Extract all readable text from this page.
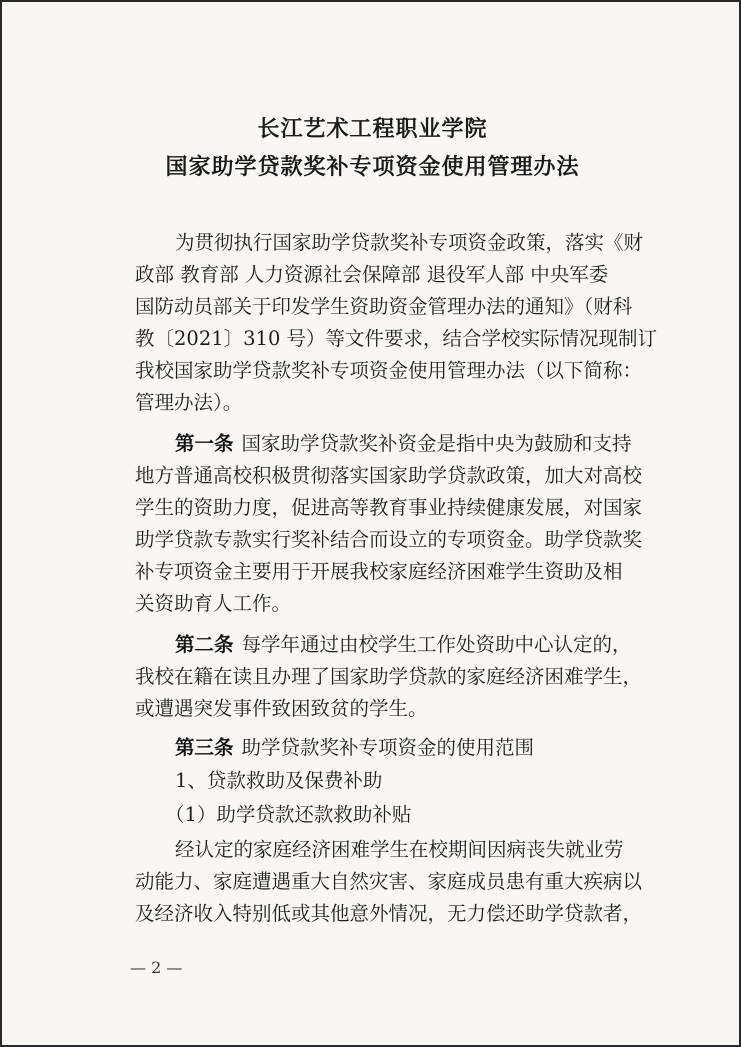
长江艺术工程职业学院
国家助学贷款奖补专项资金使用管理办法
为贯彻执行国家助学贷款奖补专项资金政策，落实《财
政部 教育部 人力资源社会保障部 退役军人部 中央军委
国防动员部关于印发学生资助资金管理办法的通知》（财科
教〔2021〕310 号）等文件要求，结合学校实际情况现制订
我校国家助学贷款奖补专项资金使用管理办法（以下简称：
管理办法）。
第一条 国家助学贷款奖补资金是指中央为鼓励和支持
地方普通高校积极贯彻落实国家助学贷款政策，加大对高校
学生的资助力度，促进高等教育事业持续健康发展，对国家
助学贷款专款实行奖补结合而设立的专项资金。助学贷款奖
补专项资金主要用于开展我校家庭经济困难学生资助及相
关资助育人工作。
第二条 每学年通过由校学生工作处资助中心认定的，
我校在籍在读且办理了国家助学贷款的家庭经济困难学生，
或遭遇突发事件致困致贫的学生。
第三条 助学贷款奖补专项资金的使用范围
1、贷款救助及保费补助
（1）助学贷款还款救助补贴
经认定的家庭经济困难学生在校期间因病丧失就业劳
动能力、家庭遭遇重大自然灾害、家庭成员患有重大疾病以
及经济收入特别低或其他意外情况，无力偿还助学贷款者，
— 2 —
